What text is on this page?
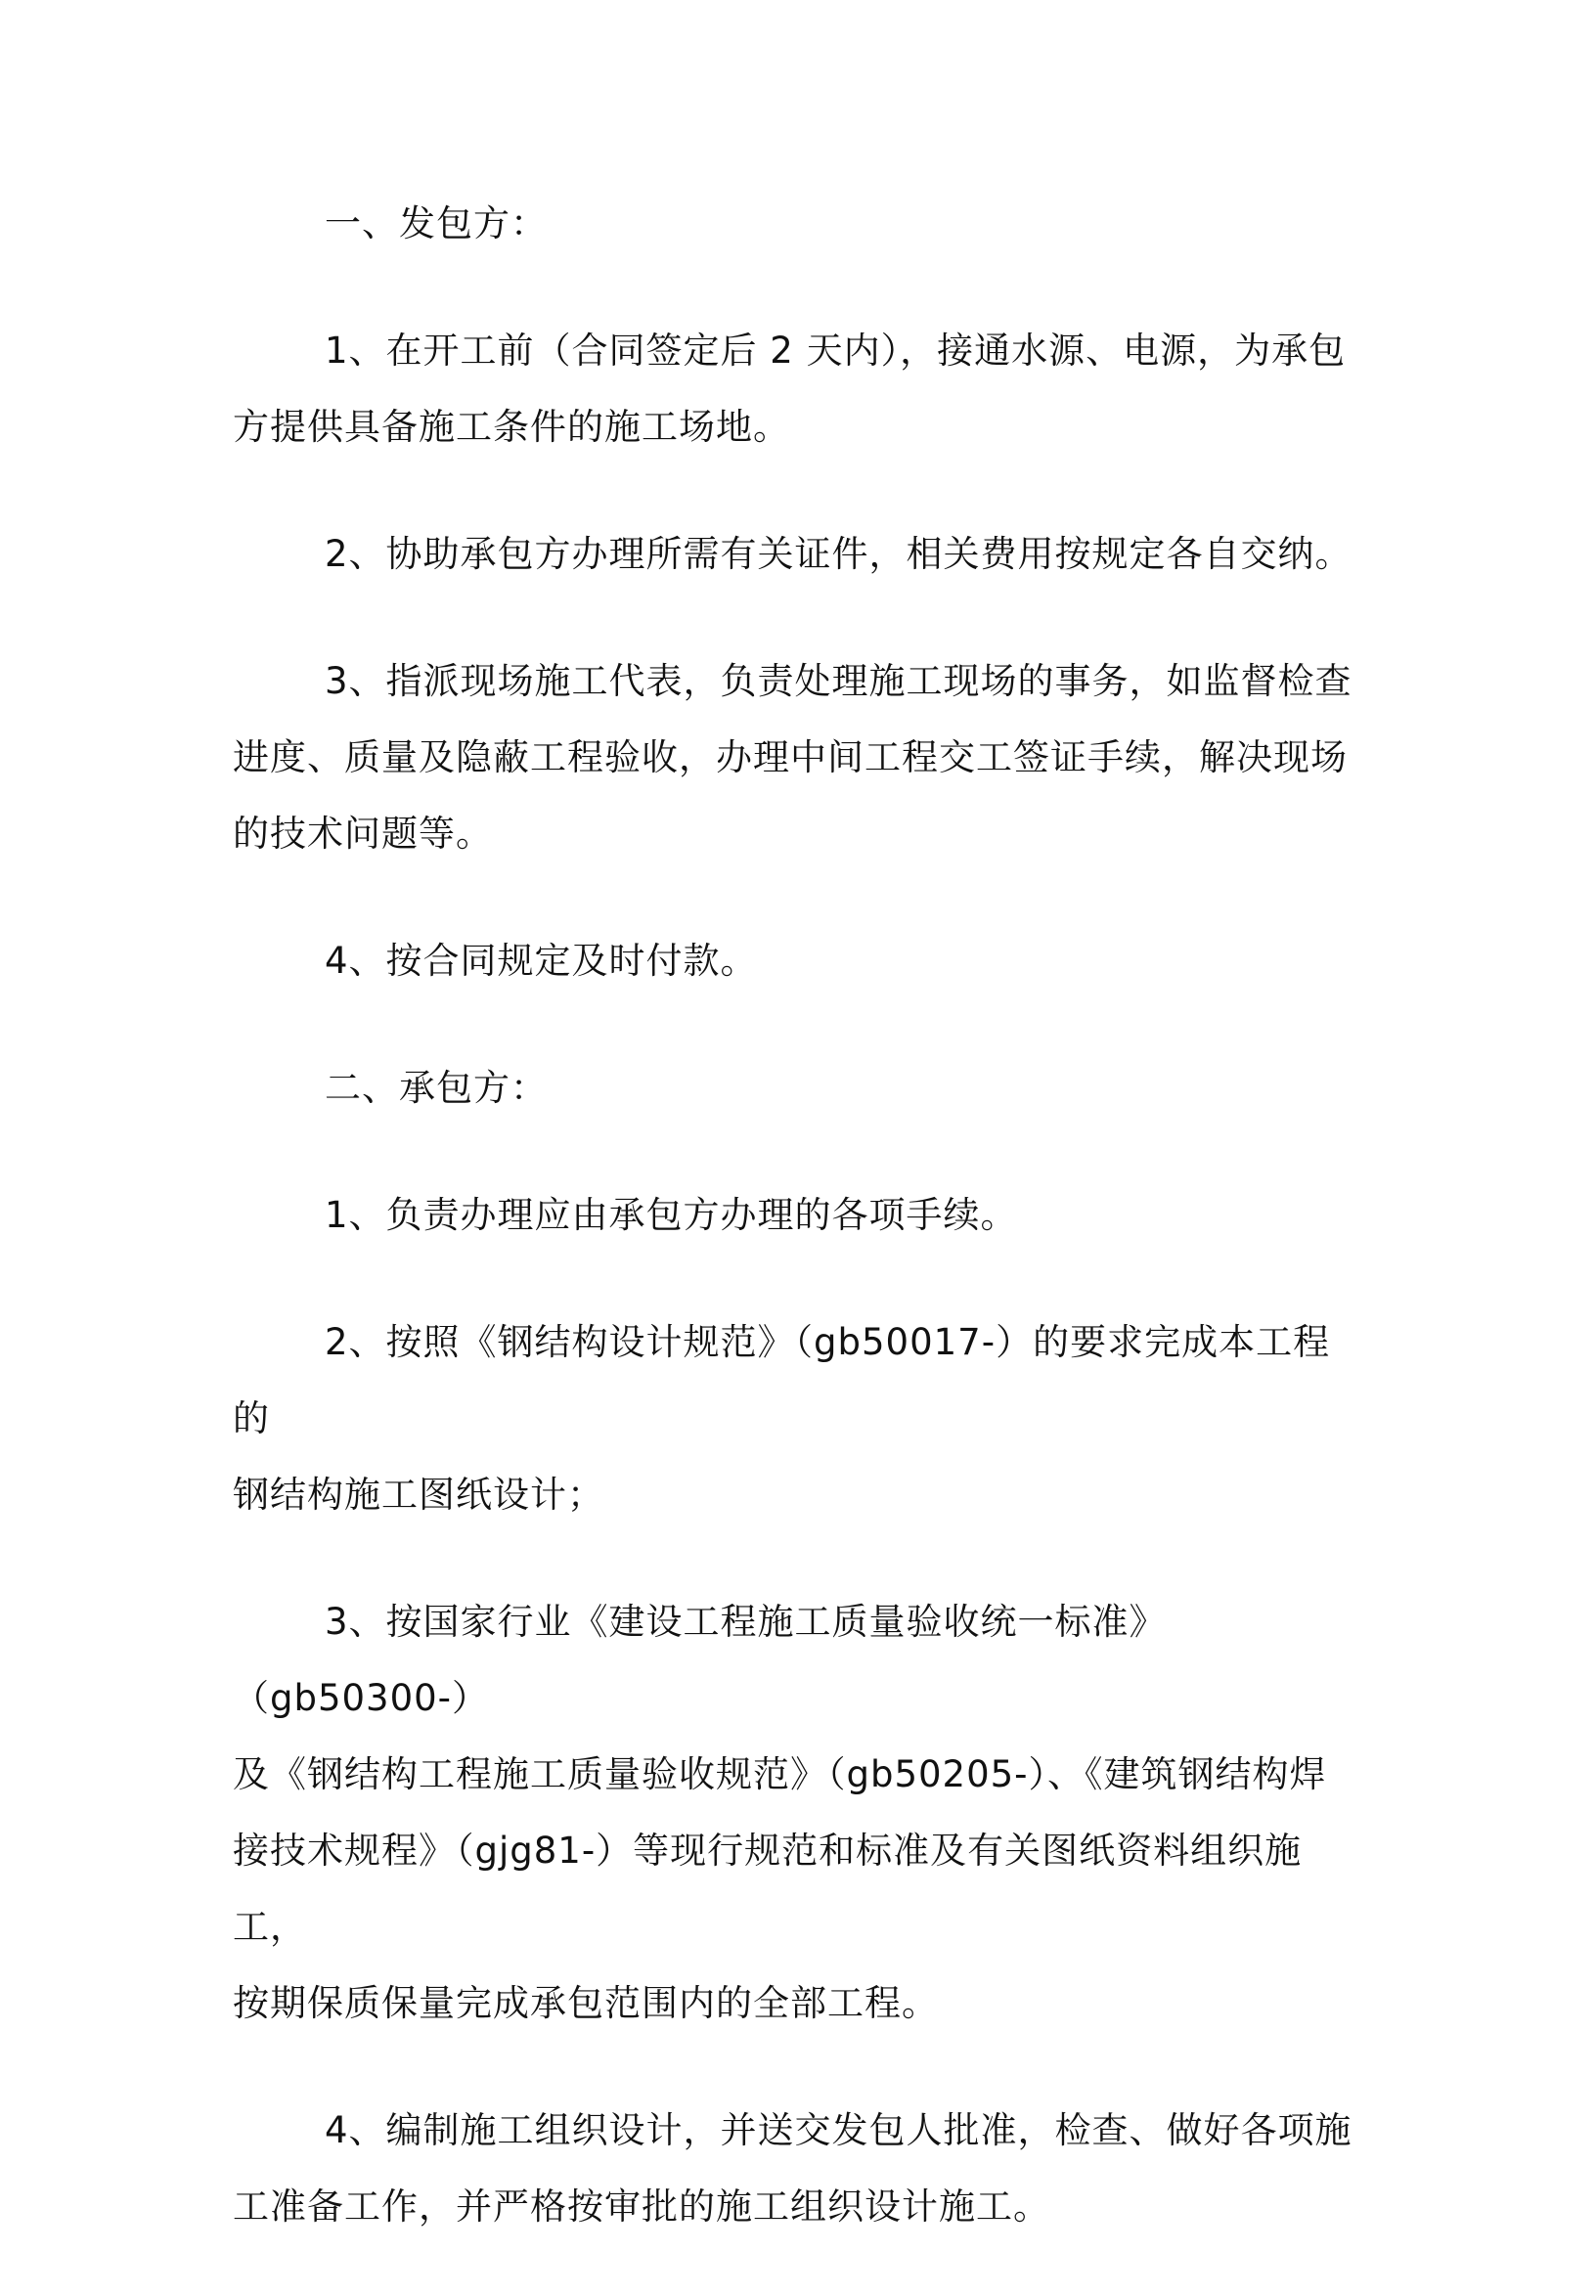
一、发包方：

1、在开工前（合同签定后 2 天内），接通水源、电源，为承包
方提供具备施工条件的施工场地。

2、协助承包方办理所需有关证件，相关费用按规定各自交纳。

3、指派现场施工代表，负责处理施工现场的事务，如监督检查
进度、质量及隐蔽工程验收，办理中间工程交工签证手续，解决现场
的技术问题等。

4、按合同规定及时付款。

二、承包方：

1、负责办理应由承包方办理的各项手续。

2、按照《钢结构设计规范》（gb50017-）的要求完成本工程的
钢结构施工图纸设计；

3、按国家行业《建设工程施工质量验收统一标准》（gb50300-）
及《钢结构工程施工质量验收规范》（gb50205-）、《建筑钢结构焊
接技术规程》（gjg81-）等现行规范和标准及有关图纸资料组织施工，
按期保质保量完成承包范围内的全部工程。

4、编制施工组织设计，并送交发包人批准，检查、做好各项施
工准备工作，并严格按审批的施工组织设计施工。
